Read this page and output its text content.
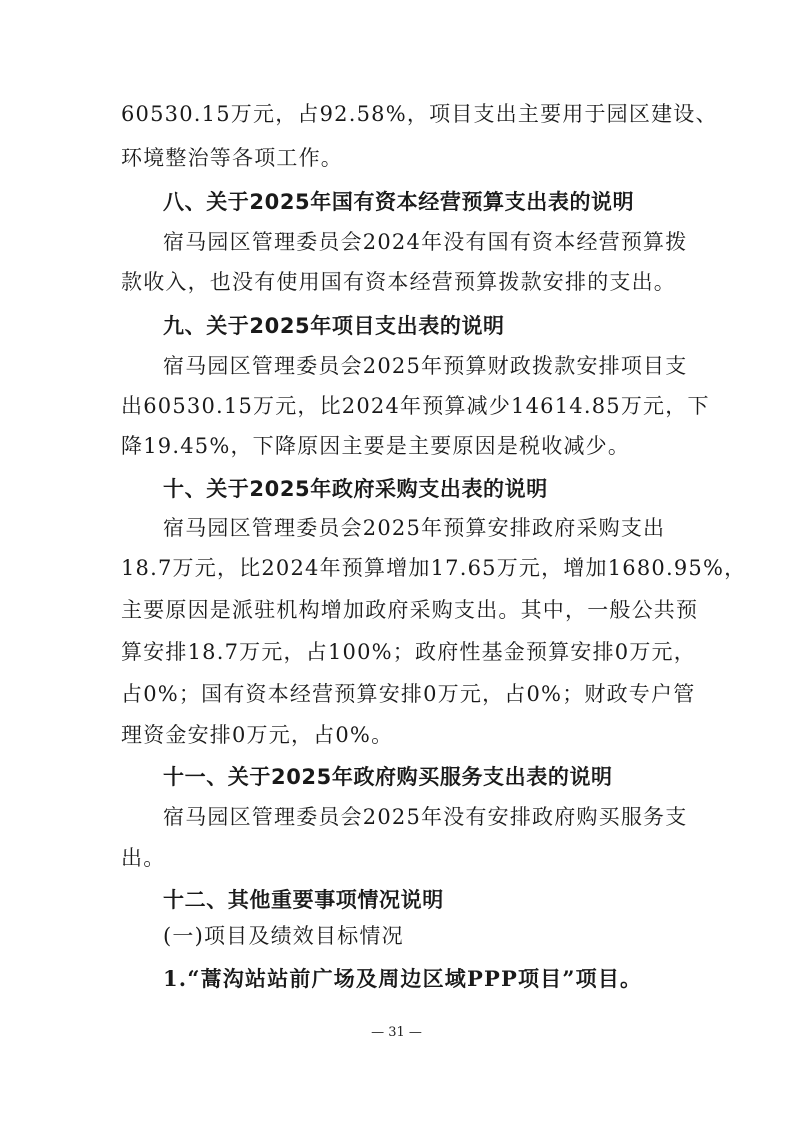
60530.15万元，占92.58%，项目支出主要用于园区建设、
环境整治等各项工作。
八、关于2025年国有资本经营预算支出表的说明
宿马园区管理委员会2024年没有国有资本经营预算拨
款收入，也没有使用国有资本经营预算拨款安排的支出。
九、关于2025年项目支出表的说明
宿马园区管理委员会2025年预算财政拨款安排项目支
出60530.15万元，比2024年预算减少14614.85万元，下
降19.45%，下降原因主要是主要原因是税收减少。
十、关于2025年政府采购支出表的说明
宿马园区管理委员会2025年预算安排政府采购支出
18.7万元，比2024年预算增加17.65万元，增加1680.95%，
主要原因是派驻机构增加政府采购支出。其中，一般公共预
算安排18.7万元，占100%；政府性基金预算安排0万元，
占0%；国有资本经营预算安排0万元，占0%；财政专户管
理资金安排0万元，占0%。
十一、关于2025年政府购买服务支出表的说明
宿马园区管理委员会2025年没有安排政府购买服务支
出。
十二、其他重要事项情况说明
(一)项目及绩效目标情况
1.“蒿沟站站前广场及周边区域PPP项目”项目。
— 31 —
